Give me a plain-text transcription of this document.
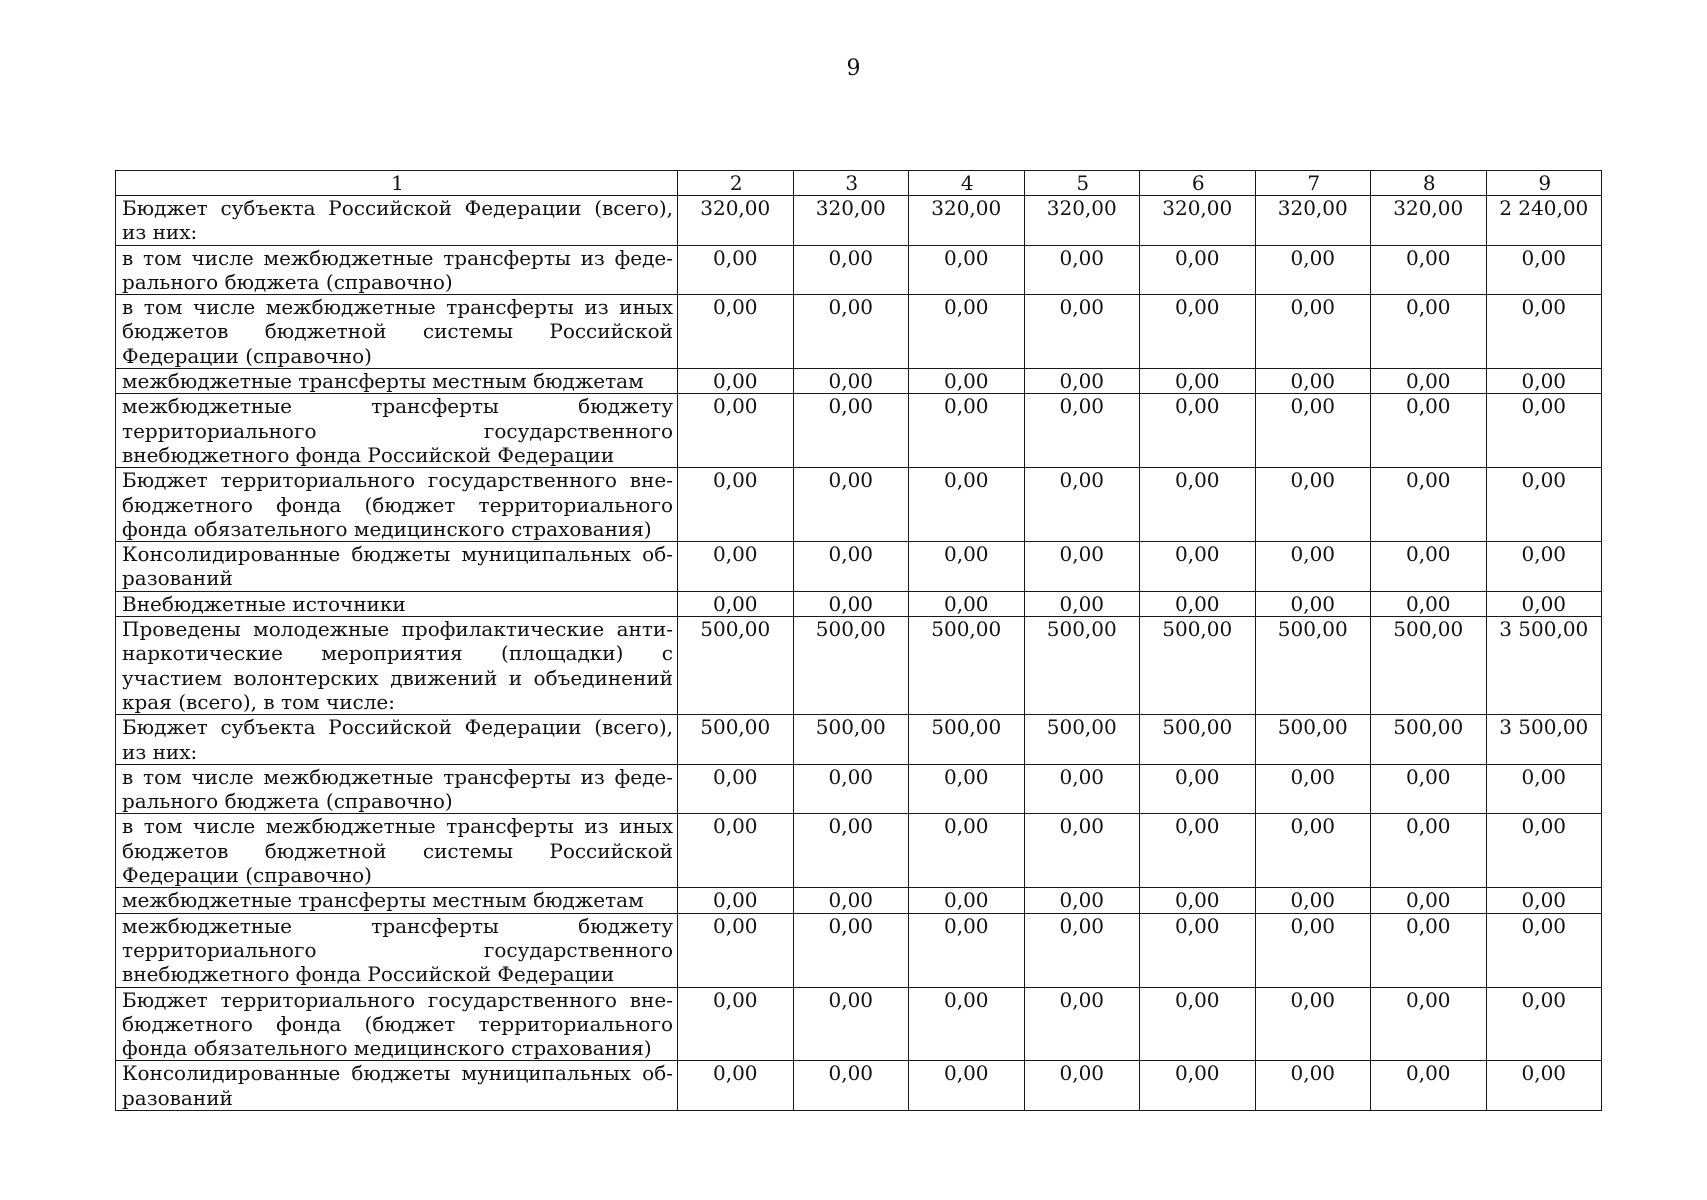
9
1	2	3	4	5	6	7	8	9
Бюджет субъекта Российской Федерации (всего), из них:	320,00	320,00	320,00	320,00	320,00	320,00	320,00	2 240,00
в том числе межбюджетные трансферты из федерального бюджета (справочно)	0,00	0,00	0,00	0,00	0,00	0,00	0,00	0,00
в том числе межбюджетные трансферты из иных бюджетов бюджетной системы Российской Федерации (справочно)	0,00	0,00	0,00	0,00	0,00	0,00	0,00	0,00
межбюджетные трансферты местным бюджетам	0,00	0,00	0,00	0,00	0,00	0,00	0,00	0,00
межбюджетные трансферты бюджету территориального государственного внебюджетного фонда Российской Федерации	0,00	0,00	0,00	0,00	0,00	0,00	0,00	0,00
Бюджет территориального государственного внебюджетного фонда (бюджет территориального фонда обязательного медицинского страхования)	0,00	0,00	0,00	0,00	0,00	0,00	0,00	0,00
Консолидированные бюджеты муниципальных образований	0,00	0,00	0,00	0,00	0,00	0,00	0,00	0,00
Внебюджетные источники	0,00	0,00	0,00	0,00	0,00	0,00	0,00	0,00
Проведены молодежные профилактические антинаркотические мероприятия (площадки) с участием волонтерских движений и объединений края (всего), в том числе:	500,00	500,00	500,00	500,00	500,00	500,00	500,00	3 500,00
Бюджет субъекта Российской Федерации (всего), из них:	500,00	500,00	500,00	500,00	500,00	500,00	500,00	3 500,00
в том числе межбюджетные трансферты из федерального бюджета (справочно)	0,00	0,00	0,00	0,00	0,00	0,00	0,00	0,00
в том числе межбюджетные трансферты из иных бюджетов бюджетной системы Российской Федерации (справочно)	0,00	0,00	0,00	0,00	0,00	0,00	0,00	0,00
межбюджетные трансферты местным бюджетам	0,00	0,00	0,00	0,00	0,00	0,00	0,00	0,00
межбюджетные трансферты бюджету территориального государственного внебюджетного фонда Российской Федерации	0,00	0,00	0,00	0,00	0,00	0,00	0,00	0,00
Бюджет территориального государственного внебюджетного фонда (бюджет территориального фонда обязательного медицинского страхования)	0,00	0,00	0,00	0,00	0,00	0,00	0,00	0,00
Консолидированные бюджеты муниципальных образований	0,00	0,00	0,00	0,00	0,00	0,00	0,00	0,00
